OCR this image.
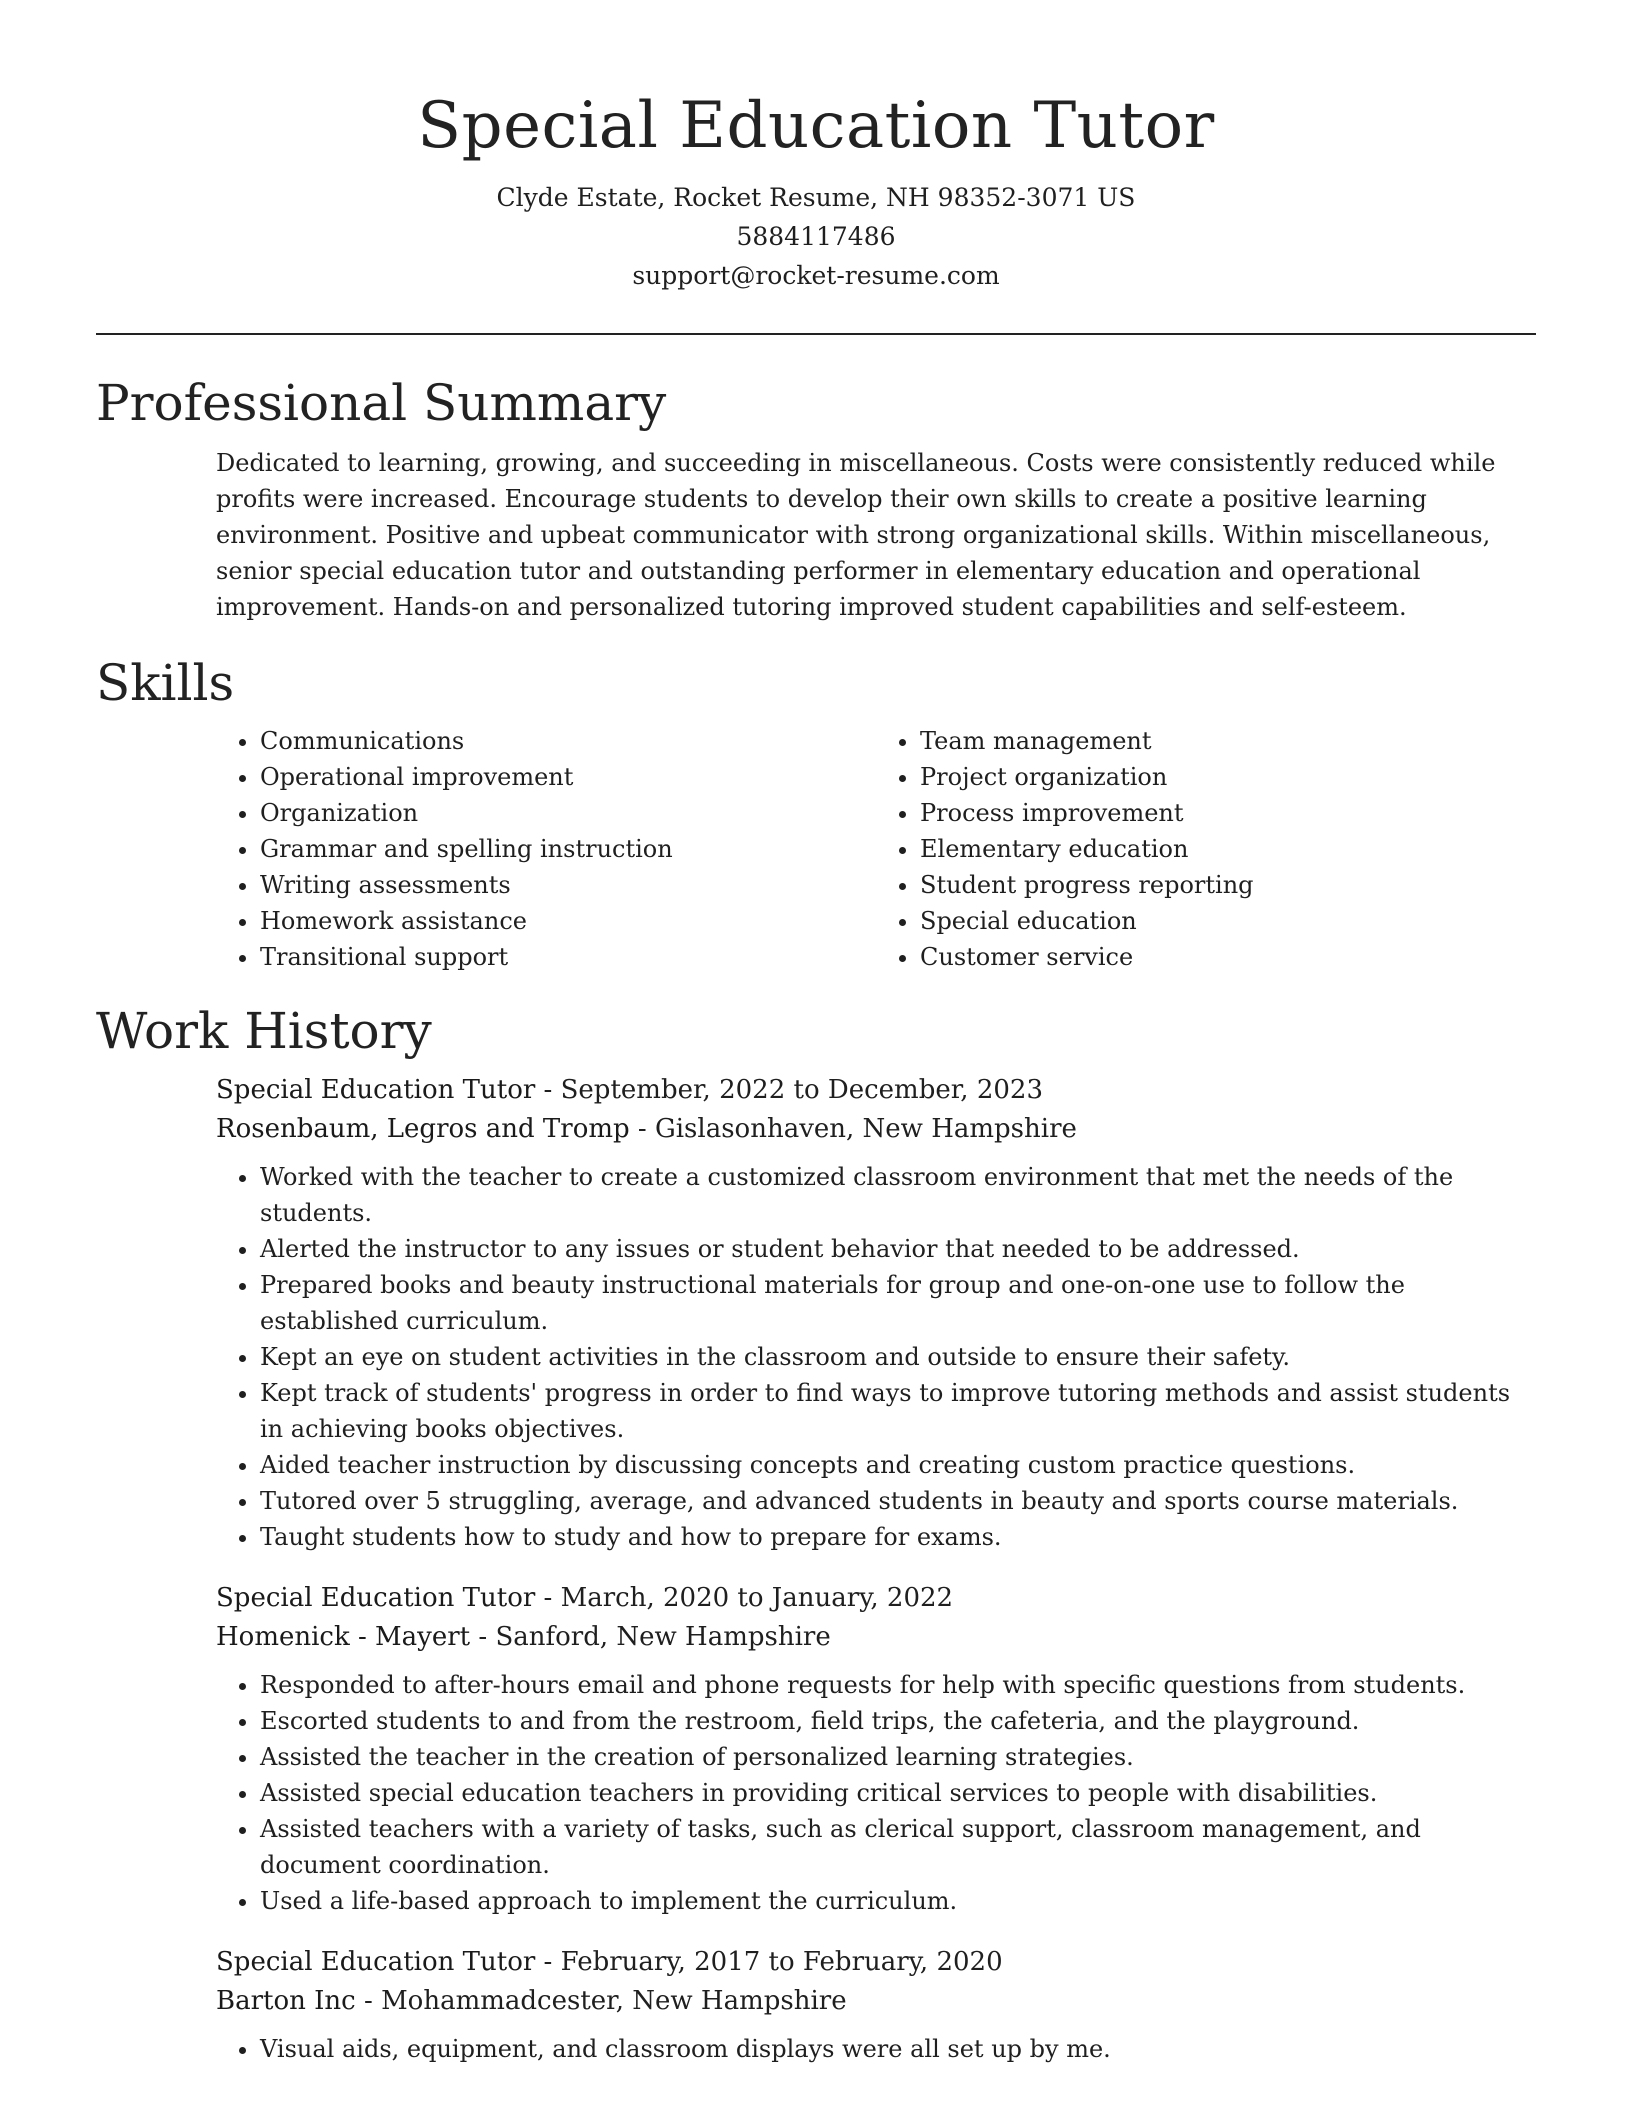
Special Education Tutor
Clyde Estate, Rocket Resume, NH 98352-3071 US
5884117486
support@rocket-resume.com
Professional Summary
Dedicated to learning, growing, and succeeding in miscellaneous. Costs were consistently reduced while profits were increased. Encourage students to develop their own skills to create a positive learning environment. Positive and upbeat communicator with strong organizational skills. Within miscellaneous, senior special education tutor and outstanding performer in elementary education and operational improvement. Hands-on and personalized tutoring improved student capabilities and self-esteem.
Skills
• Communications
• Operational improvement
• Organization
• Grammar and spelling instruction
• Writing assessments
• Homework assistance
• Transitional support
• Team management
• Project organization
• Process improvement
• Elementary education
• Student progress reporting
• Special education
• Customer service
Work History
Special Education Tutor - September, 2022 to December, 2023
Rosenbaum, Legros and Tromp - Gislasonhaven, New Hampshire
• Worked with the teacher to create a customized classroom environment that met the needs of the students.
• Alerted the instructor to any issues or student behavior that needed to be addressed.
• Prepared books and beauty instructional materials for group and one-on-one use to follow the established curriculum.
• Kept an eye on student activities in the classroom and outside to ensure their safety.
• Kept track of students' progress in order to find ways to improve tutoring methods and assist students in achieving books objectives.
• Aided teacher instruction by discussing concepts and creating custom practice questions.
• Tutored over 5 struggling, average, and advanced students in beauty and sports course materials.
• Taught students how to study and how to prepare for exams.
Special Education Tutor - March, 2020 to January, 2022
Homenick - Mayert - Sanford, New Hampshire
• Responded to after-hours email and phone requests for help with specific questions from students.
• Escorted students to and from the restroom, field trips, the cafeteria, and the playground.
• Assisted the teacher in the creation of personalized learning strategies.
• Assisted special education teachers in providing critical services to people with disabilities.
• Assisted teachers with a variety of tasks, such as clerical support, classroom management, and document coordination.
• Used a life-based approach to implement the curriculum.
Special Education Tutor - February, 2017 to February, 2020
Barton Inc - Mohammadcester, New Hampshire
• Visual aids, equipment, and classroom displays were all set up by me.
